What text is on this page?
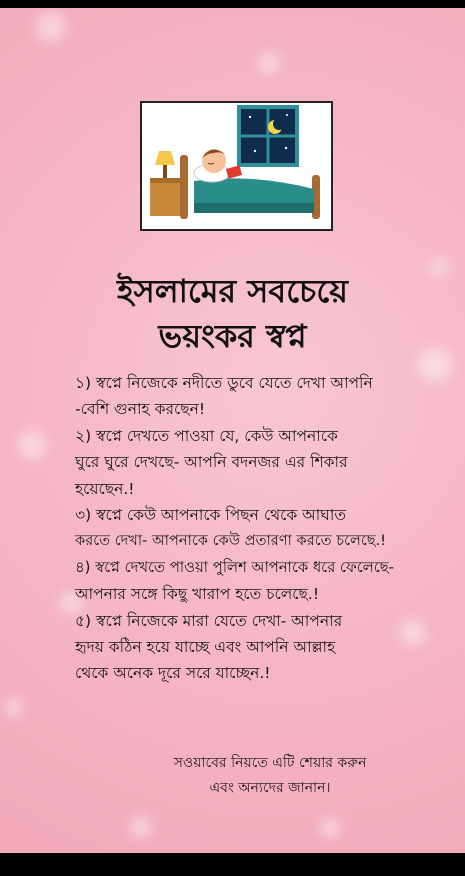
ইসলামের সবচেয়ে
ভয়ংকর স্বপ্ন
১) স্বপ্নে নিজেকে নদীতে ডুবে যেতে দেখা আপনি
-বেশি গুনাহ করছেন!
২) স্বপ্নে দেখতে পাওয়া যে, কেউ আপনাকে
ঘুরে ঘুরে দেখছে- আপনি বদনজর এর শিকার
হয়েছেন.!
৩) স্বপ্নে কেউ আপনাকে পিছন থেকে আঘাত
করতে দেখা- আপনাকে কেউ প্রতারণা করতে চলেছে.!
৪) স্বপ্নে দেখতে পাওয়া পুলিশ আপনাকে ধরে ফেলেছে-
আপনার সঙ্গে কিছু খারাপ হতে চলেছে.!
৫) স্বপ্নে নিজেকে মারা যেতে দেখা- আপনার
হৃদয় কঠিন হয়ে যাচ্ছে এবং আপনি আল্লাহ
থেকে অনেক দূরে সরে যাচ্ছেন.!
সওয়াবের নিয়তে এটি শেয়ার করুন
এবং অন্যদের জানান।
